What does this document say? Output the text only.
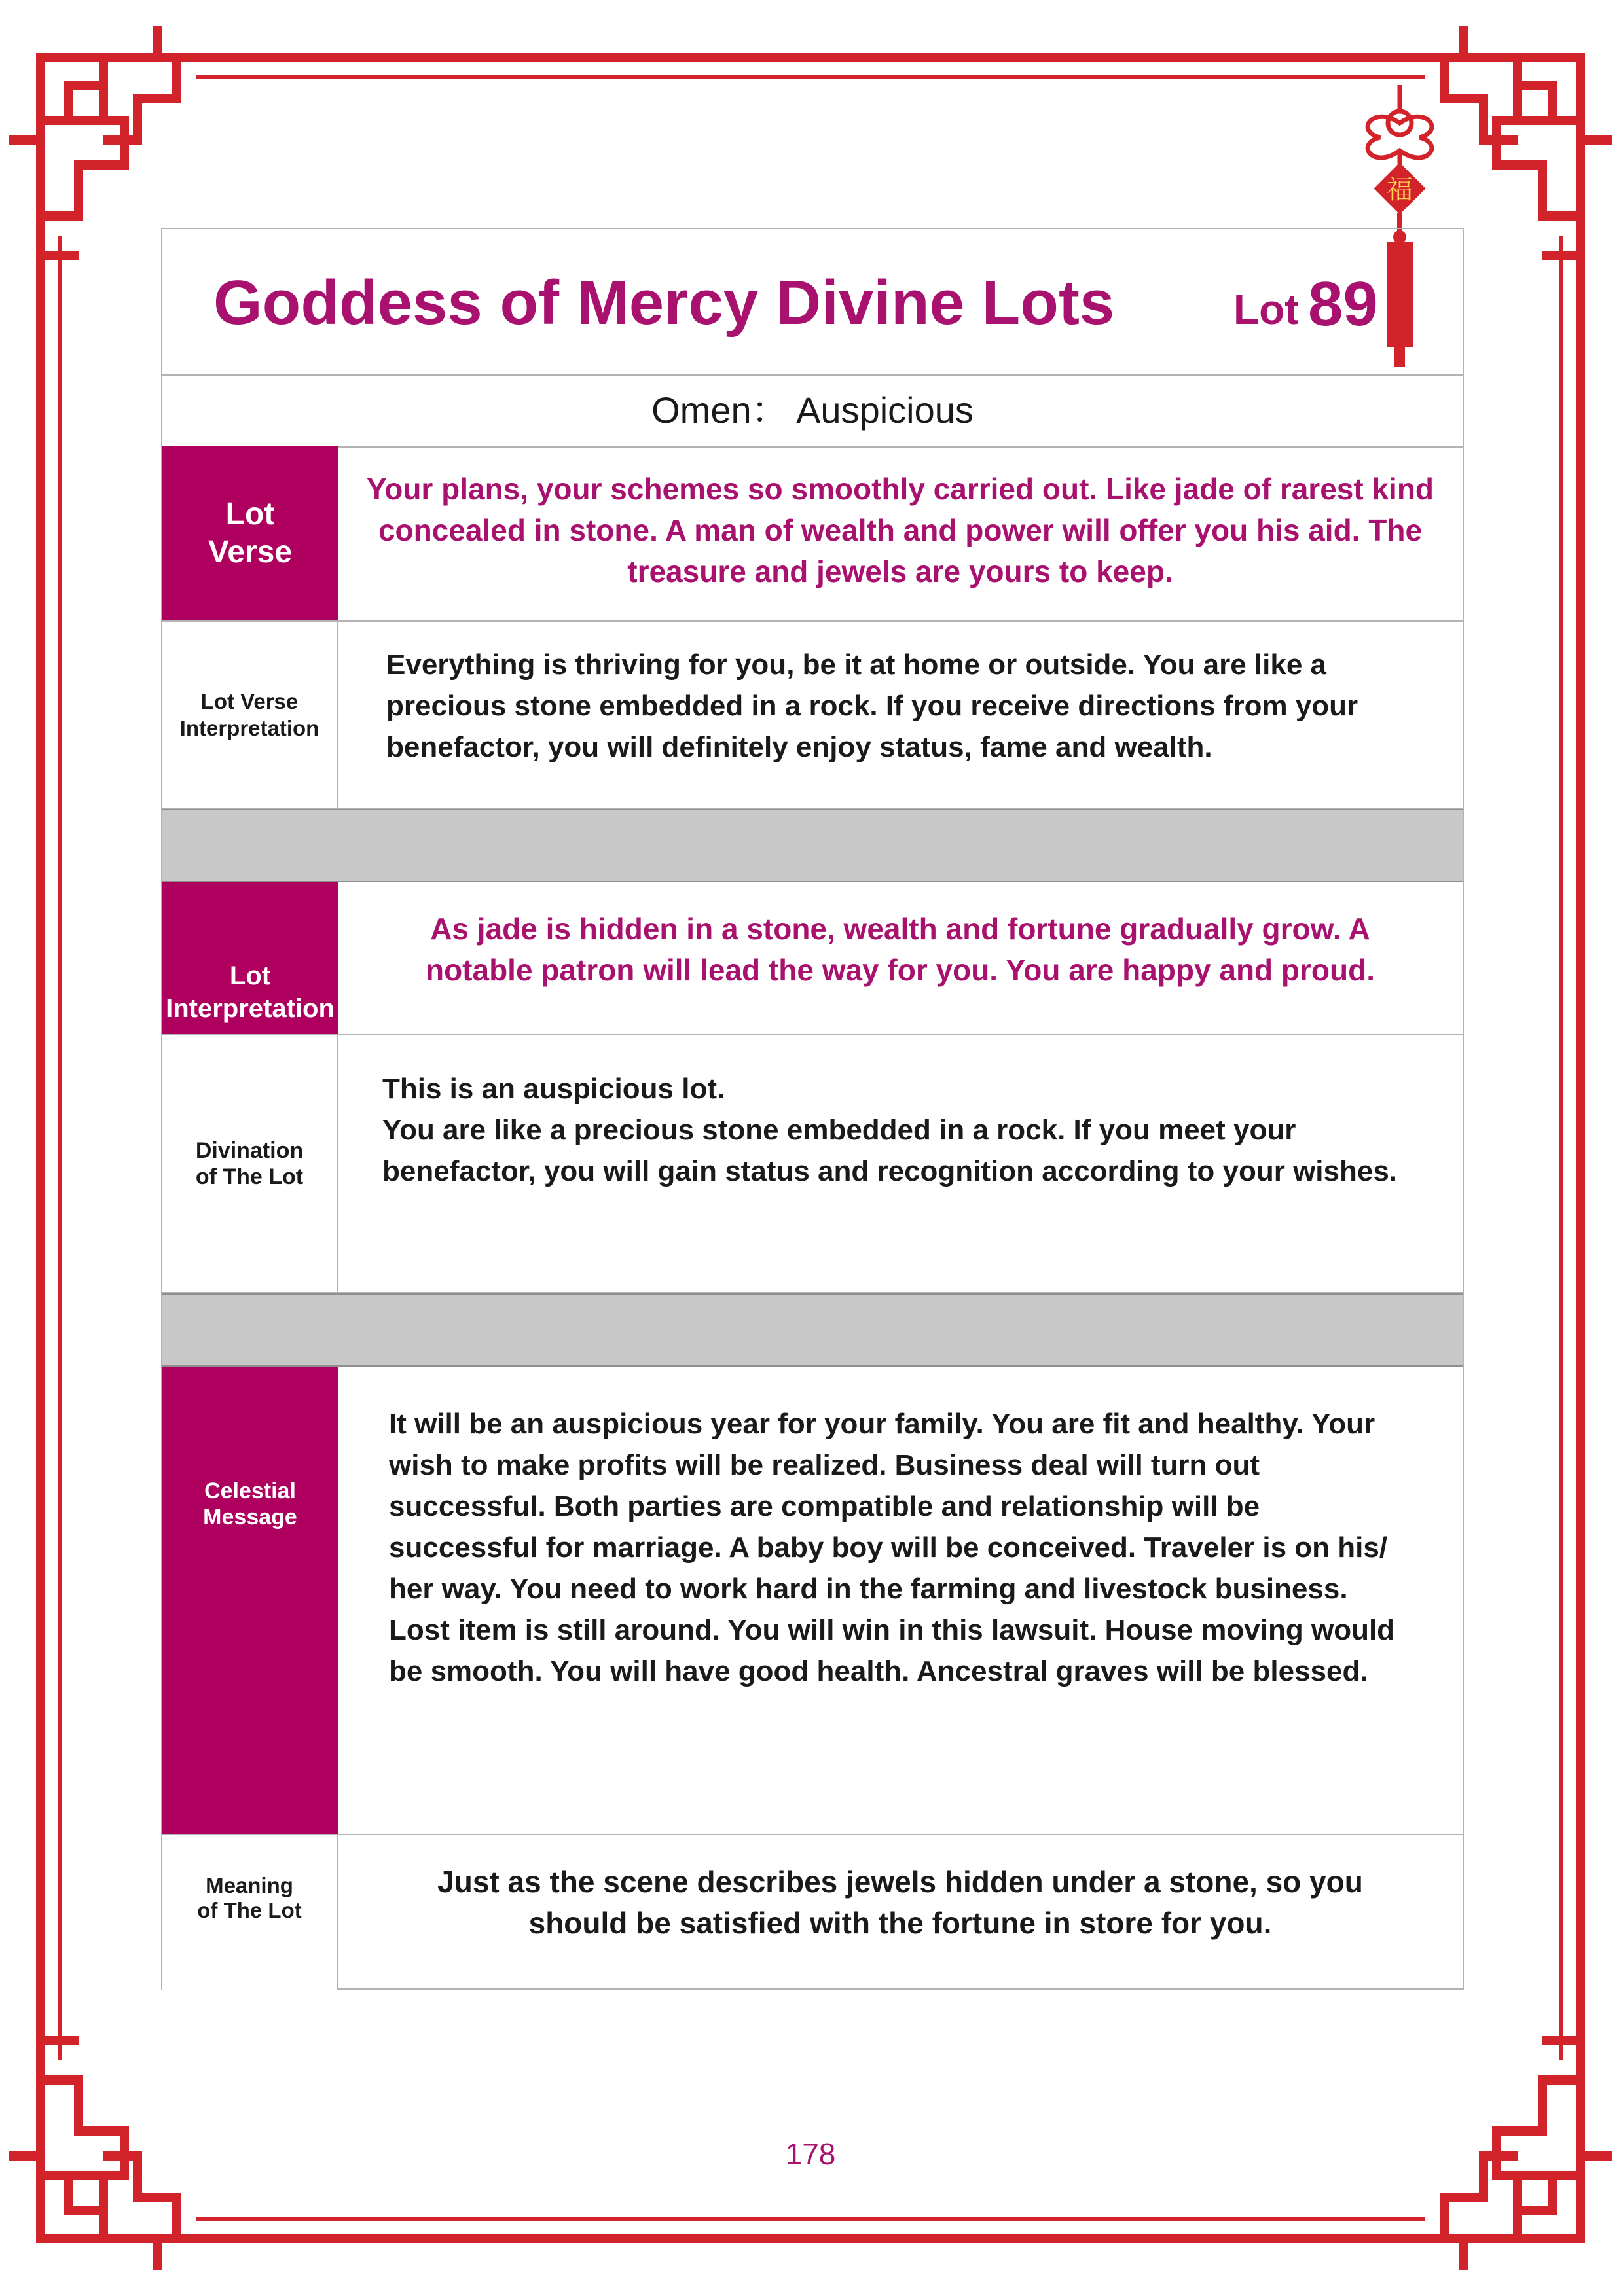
福
Goddess of Mercy Divine Lots	Lot 89
Omen： Auspicious
Lot
Verse
Your plans, your schemes so smoothly carried out. Like jade of rarest kind concealed in stone. A man of wealth and power will offer you his aid. The treasure and jewels are yours to keep.
Lot Verse
Interpretation
Everything is thriving for you, be it at home or outside. You are like a precious stone embedded in a rock. If you receive directions from your benefactor, you will definitely enjoy status, fame and wealth.
Lot
Interpretation
As jade is hidden in a stone, wealth and fortune gradually grow. A notable patron will lead the way for you. You are happy and proud.
Divination
of The Lot
This is an auspicious lot.
You are like a precious stone embedded in a rock. If you meet your benefactor, you will gain status and recognition according to your wishes.
Celestial
Message
It will be an auspicious year for your family. You are fit and healthy. Your wish to make profits will be realized. Business deal will turn out successful. Both parties are compatible and relationship will be successful for marriage. A baby boy will be conceived. Traveler is on his/ her way. You need to work hard in the farming and livestock business. Lost item is still around. You will win in this lawsuit. House moving would be smooth. You will have good health. Ancestral graves will be blessed.
Meaning
of The Lot
Just as the scene describes jewels hidden under a stone, so you should be satisfied with the fortune in store for you.
178
